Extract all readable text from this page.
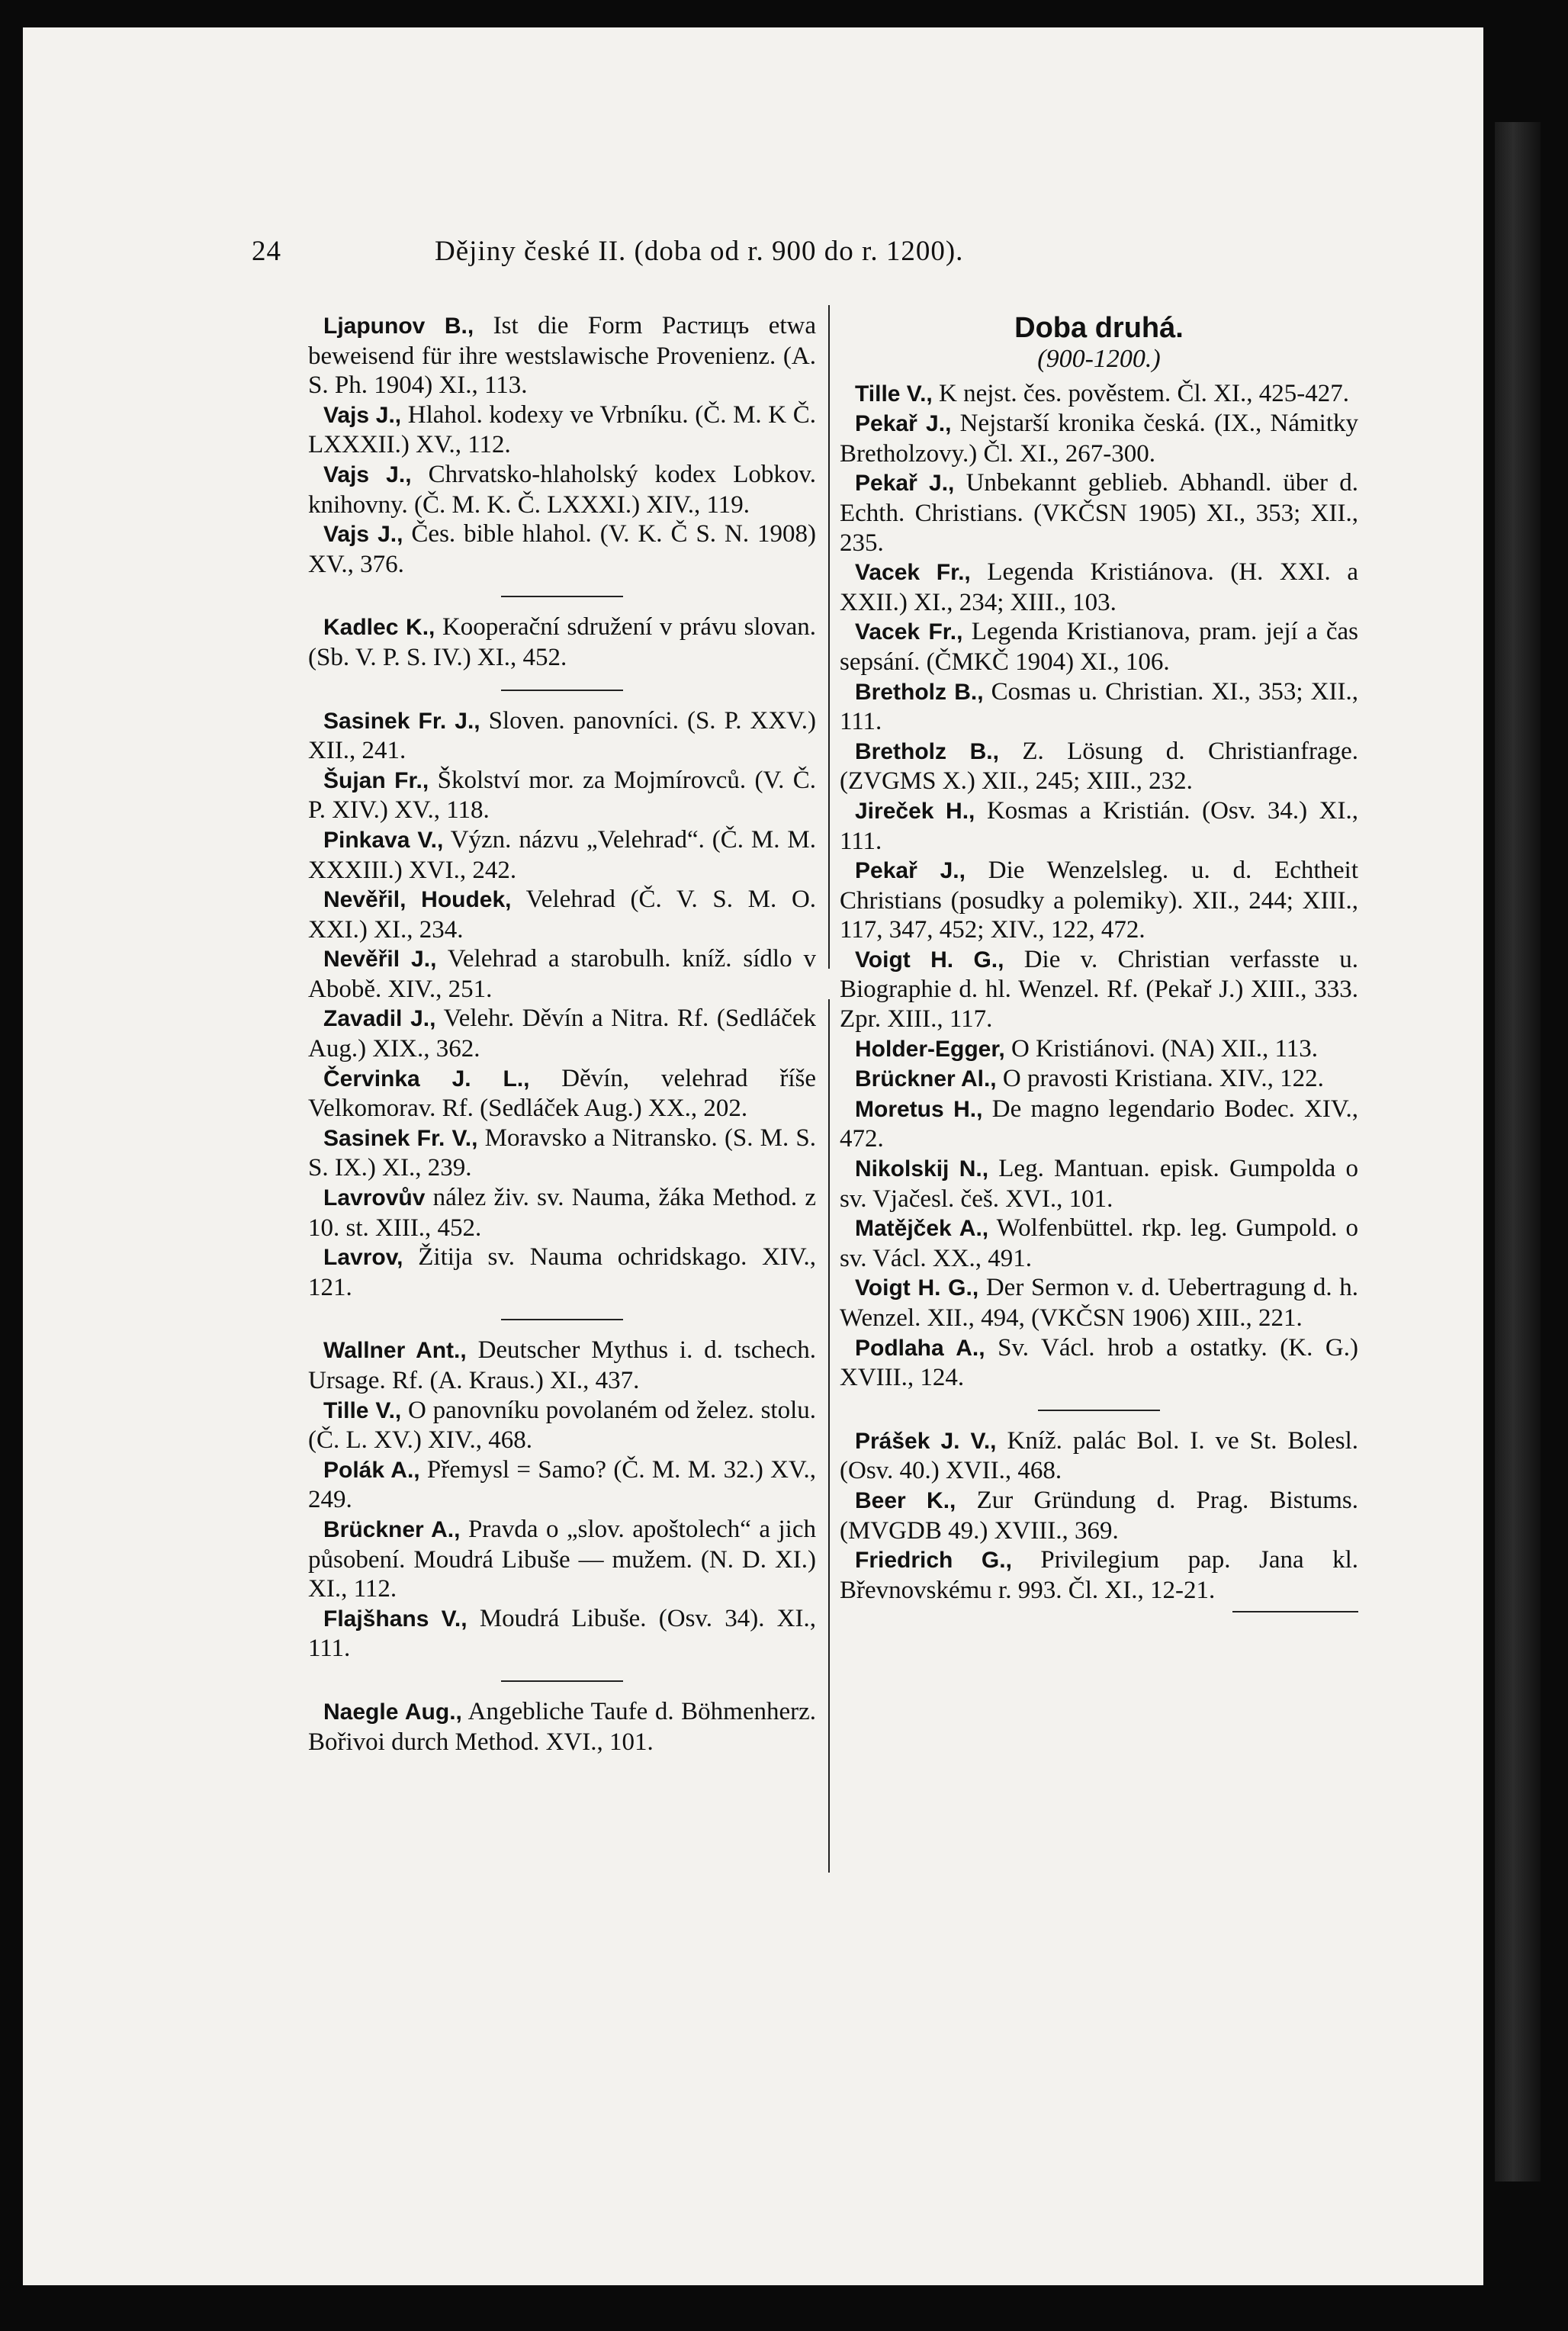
24	Dějiny české II. (doba od r. 900 do r. 1200).

Ljapunov B., Ist die Form Растицъ etwa beweisend für ihre westslawische Provenienz. (A. S. Ph. 1904) XI., 113.

Vajs J., Hlahol. kodexy ve Vrbníku. (Č. M. K Č. LXXXII.) XV., 112.

Vajs J., Chrvatsko-hlaholský kodex Lobkov. knihovny. (Č. M. K. Č. LXXXI.) XIV., 119.

Vajs J., Čes. bible hlahol. (V. K. Č S. N. 1908) XV., 376.

Kadlec K., Kooperační sdružení v právu slovan. (Sb. V. P. S. IV.) XI., 452.

Sasinek Fr. J., Sloven. panovníci. (S. P. XXV.) XII., 241.

Šujan Fr., Školství mor. za Mojmírovců. (V. Č. P. XIV.) XV., 118.

Pinkava V., Význ. názvu „Velehrad“. (Č. M. M. XXXIII.) XVI., 242.

Nevěřil, Houdek, Velehrad (Č. V. S. M. O. XXI.) XI., 234.

Nevěřil J., Velehrad a starobulh. kníž. sídlo v Abobě. XIV., 251.

Zavadil J., Velehr. Děvín a Nitra. Rf. (Sedláček Aug.) XIX., 362.

Červinka J. L., Děvín, velehrad říše Velkomorav. Rf. (Sedláček Aug.) XX., 202.

Sasinek Fr. V., Moravsko a Nitransko. (S. M. S. S. IX.) XI., 239.

Lavrovův nález živ. sv. Nauma, žáka Method. z 10. st. XIII., 452.

Lavrov, Žitija sv. Nauma ochridskago. XIV., 121.

Wallner Ant., Deutscher Mythus i. d. tschech. Ursage. Rf. (A. Kraus.) XI., 437.

Tille V., O panovníku povolaném od želez. stolu. (Č. L. XV.) XIV., 468.

Polák A., Přemysl = Samo? (Č. M. M. 32.) XV., 249.

Brückner A., Pravda o „slov. apoštolech“ a jich působení. Moudrá Libuše — mužem. (N. D. XI.) XI., 112.

Flajšhans V., Moudrá Libuše. (Osv. 34). XI., 111.

Naegle Aug., Angebliche Taufe d. Böhmenherz. Bořivoi durch Method. XVI., 101.

Doba druhá.

(900-1200.)

Tille V., K nejst. čes. pověstem. Čl. XI., 425-427.

Pekař J., Nejstarší kronika česká. (IX., Námitky Bretholzovy.) Čl. XI., 267-300.

Pekař J., Unbekannt geblieb. Abhandl. über d. Echth. Christians. (VKČSN 1905) XI., 353; XII., 235.

Vacek Fr., Legenda Kristiánova. (H. XXI. a XXII.) XI., 234; XIII., 103.

Vacek Fr., Legenda Kristianova, pram. její a čas sepsání. (ČMKČ 1904) XI., 106.

Bretholz B., Cosmas u. Christian. XI., 353; XII., 111.

Bretholz B., Z. Lösung d. Christianfrage. (ZVGMS X.) XII., 245; XIII., 232.

Jireček H., Kosmas a Kristián. (Osv. 34.) XI., 111.

Pekař J., Die Wenzelsleg. u. d. Echtheit Christians (posudky a polemiky). XII., 244; XIII., 117, 347, 452; XIV., 122, 472.

Voigt H. G., Die v. Christian verfasste u. Biographie d. hl. Wenzel. Rf. (Pekař J.) XIII., 333. Zpr. XIII., 117.

Holder-Egger, O Kristiánovi. (NA) XII., 113.

Brückner Al., O pravosti Kristiana. XIV., 122.

Moretus H., De magno legendario Bodec. XIV., 472.

Nikolskij N., Leg. Mantuan. episk. Gumpolda o sv. Vjačesl. češ. XVI., 101.

Matějček A., Wolfenbüttel. rkp. leg. Gumpold. o sv. Václ. XX., 491.

Voigt H. G., Der Sermon v. d. Uebertragung d. h. Wenzel. XII., 494, (VKČSN 1906) XIII., 221.

Podlaha A., Sv. Václ. hrob a ostatky. (K. G.) XVIII., 124.

Prášek J. V., Kníž. palác Bol. I. ve St. Bolesl. (Osv. 40.) XVII., 468.

Beer K., Zur Gründung d. Prag. Bistums. (MVGDB 49.) XVIII., 369.

Friedrich G., Privilegium pap. Jana kl. Břevnovskému r. 993. Čl. XI., 12-21.
